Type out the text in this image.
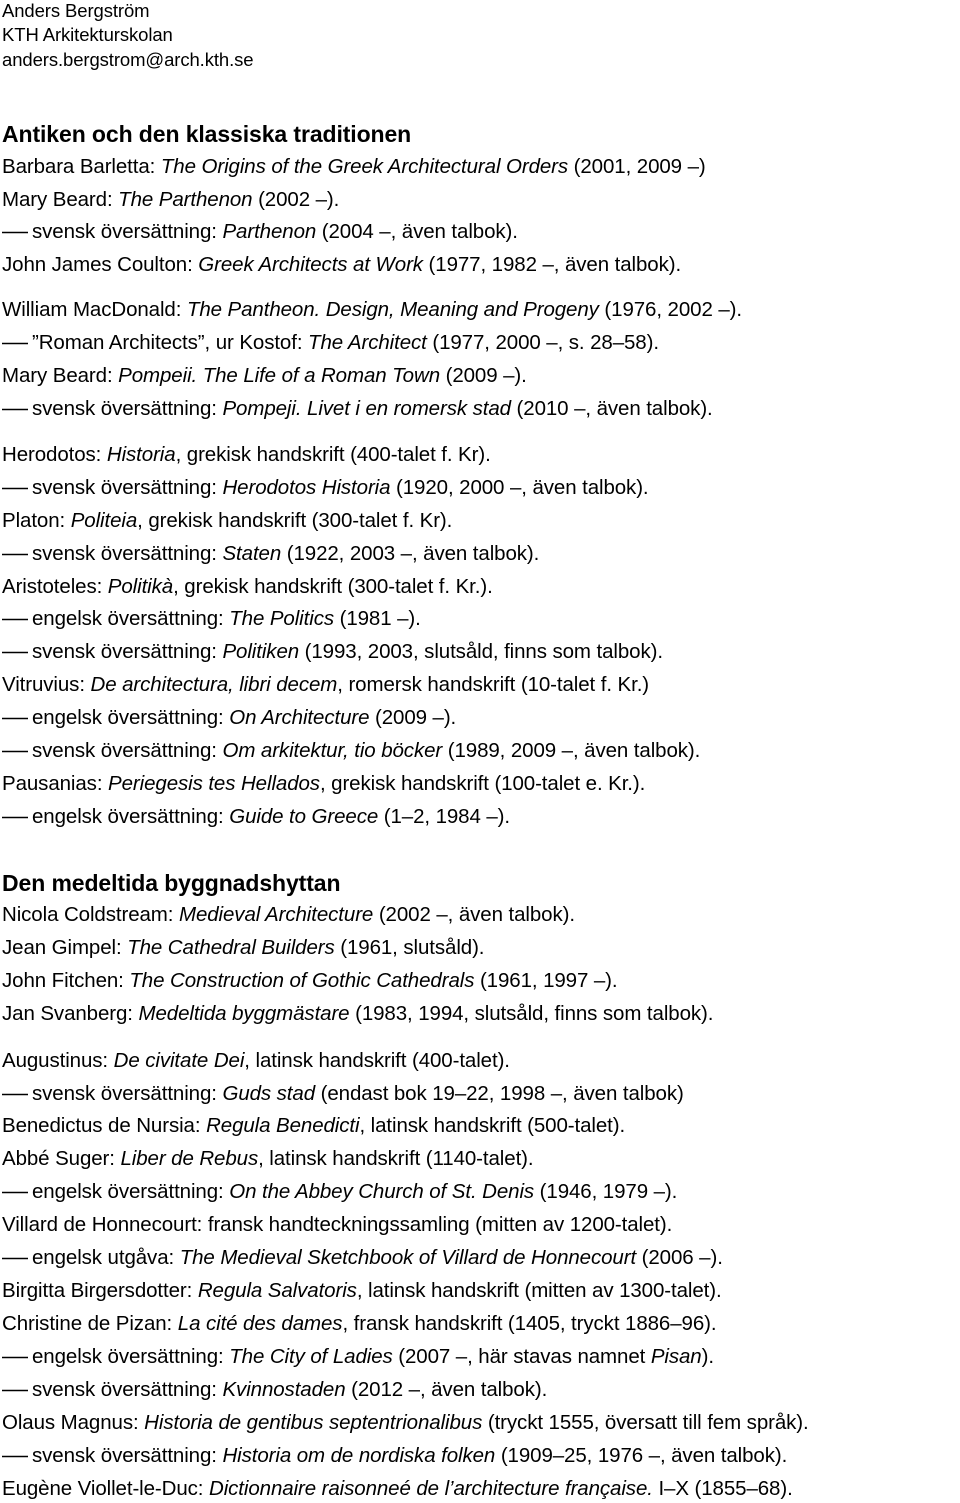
Anders Bergström
KTH Arkitekturskolan
anders.bergstrom@arch.kth.se
Antiken och den klassiska traditionen
Barbara Barletta: The Origins of the Greek Architectural Orders (2001, 2009 –)
Mary Beard: The Parthenon (2002 –).
svensk översättning: Parthenon (2004 –, även talbok).
John James Coulton: Greek Architects at Work (1977, 1982 –, även talbok).
William MacDonald: The Pantheon. Design, Meaning and Progeny (1976, 2002 –).
”Roman Architects”, ur Kostof: The Architect (1977, 2000 –, s. 28–58).
Mary Beard: Pompeii. The Life of a Roman Town (2009 –).
svensk översättning: Pompeji. Livet i en romersk stad (2010 –, även talbok).
Herodotos: Historia, grekisk handskrift (400-talet f. Kr).
svensk översättning: Herodotos Historia (1920, 2000 –, även talbok).
Platon: Politeia, grekisk handskrift (300-talet f. Kr).
svensk översättning: Staten (1922, 2003 –, även talbok).
Aristoteles: Politikà, grekisk handskrift (300-talet f. Kr.).
engelsk översättning: The Politics (1981 –).
svensk översättning: Politiken (1993, 2003, slutsåld, finns som talbok).
Vitruvius: De architectura, libri decem, romersk handskrift (10-talet f. Kr.)
engelsk översättning: On Architecture (2009 –).
svensk översättning: Om arkitektur, tio böcker (1989, 2009 –, även talbok).
Pausanias: Periegesis tes Hellados, grekisk handskrift (100-talet e. Kr.).
engelsk översättning: Guide to Greece (1–2, 1984 –).
Den medeltida byggnadshyttan
Nicola Coldstream: Medieval Architecture (2002 –, även talbok).
Jean Gimpel: The Cathedral Builders (1961, slutsåld).
John Fitchen: The Construction of Gothic Cathedrals (1961, 1997 –).
Jan Svanberg: Medeltida byggmästare (1983, 1994, slutsåld, finns som talbok).
Augustinus: De civitate Dei, latinsk handskrift (400-talet).
svensk översättning: Guds stad (endast bok 19–22, 1998 –, även talbok)
Benedictus de Nursia: Regula Benedicti, latinsk handskrift (500-talet).
Abbé Suger: Liber de Rebus, latinsk handskrift (1140-talet).
engelsk översättning: On the Abbey Church of St. Denis (1946, 1979 –).
Villard de Honnecourt: fransk handteckningssamling (mitten av 1200-talet).
engelsk utgåva: The Medieval Sketchbook of Villard de Honnecourt (2006 –).
Birgitta Birgersdotter: Regula Salvatoris, latinsk handskrift (mitten av 1300-talet).
Christine de Pizan: La cité des dames, fransk handskrift (1405, tryckt 1886–96).
engelsk översättning: The City of Ladies (2007 –, här stavas namnet Pisan).
svensk översättning: Kvinnostaden (2012 –, även talbok).
Olaus Magnus: Historia de gentibus septentrionalibus (tryckt 1555, översatt till fem språk).
svensk översättning: Historia om de nordiska folken (1909–25, 1976 –, även talbok).
Eugène Viollet-le-Duc: Dictionnaire raisonneé de l’architecture française. I–X (1855–68).
